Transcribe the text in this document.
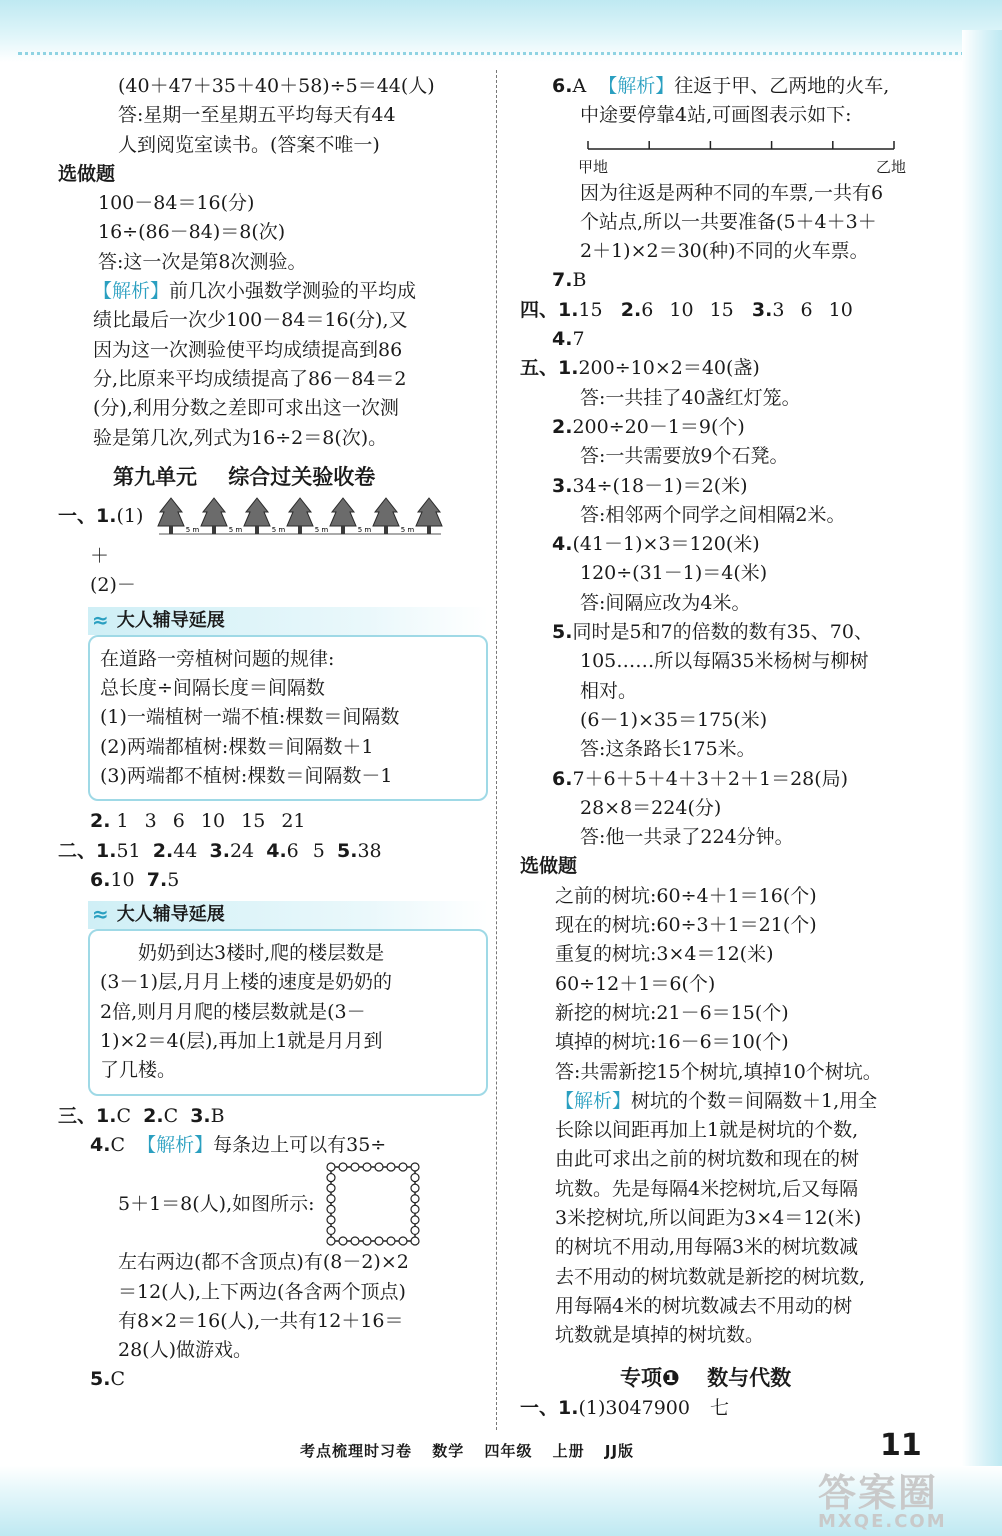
(40＋47＋35＋40＋58)÷5＝44(人)
答:星期一至星期五平均每天有44
人到阅览室读书。(答案不唯一)
选做题
100－84＝16(分)
16÷(86－84)＝8(次)
答:这一次是第8次测验。
【解析】前几次小强数学测验的平均成
绩比最后一次少100－84＝16(分),又
因为这一次测验使平均成绩提高到86
分,比原来平均成绩提高了86－84＝2
(分),利用分数之差即可求出这一次测
验是第几次,列式为16÷2＝8(次)。
第九单元 综合过关验收卷
一、1.(1)
5 m	5 m	5 m	5 m	5 m	5 m
＋
(2)－
≈ 大人辅导延展
在道路一旁植树问题的规律:
总长度÷间隔长度＝间隔数
(1)一端植树一端不植:棵数＝间隔数
(2)两端都植树:棵数＝间隔数＋1
(3)两端都不植树:棵数＝间隔数－1
2. 1 3 6 10 15 21
二、1.51 2.44 3.24 4.6 5 5.38
6.10 7.5
≈ 大人辅导延展
奶奶到达3楼时,爬的楼层数是
(3－1)层,月月上楼的速度是奶奶的
2倍,则月月爬的楼层数就是(3－
1)×2＝4(层),再加上1就是月月到
了几楼。
三、1.C 2.C 3.B
4.C 【解析】每条边上可以有35÷
5＋1＝8(人),如图所示:
左右两边(都不含顶点)有(8－2)×2
＝12(人),上下两边(各含两个顶点)
有8×2＝16(人),一共有12＋16＝
28(人)做游戏。
5.C
6.A 【解析】往返于甲、乙两地的火车,
中途要停靠4站,可画图表示如下:
甲地	乙地
因为往返是两种不同的车票,一共有6
个站点,所以一共要准备(5＋4＋3＋
2＋1)×2＝30(种)不同的火车票。
7.B
四、1.15 2.6 10 15 3.3 6 10
4.7
五、1.200÷10×2＝40(盏)
答:一共挂了40盏红灯笼。
2.200÷20－1＝9(个)
答:一共需要放9个石凳。
3.34÷(18－1)＝2(米)
答:相邻两个同学之间相隔2米。
4.(41－1)×3＝120(米)
120÷(31－1)＝4(米)
答:间隔应改为4米。
5.同时是5和7的倍数的数有35、70、
105……所以每隔35米杨树与柳树
相对。
(6－1)×35＝175(米)
答:这条路长175米。
6.7＋6＋5＋4＋3＋2＋1＝28(局)
28×8＝224(分)
答:他一共录了224分钟。
选做题
之前的树坑:60÷4＋1＝16(个)
现在的树坑:60÷3＋1＝21(个)
重复的树坑:3×4＝12(米)
60÷12＋1＝6(个)
新挖的树坑:21－6＝15(个)
填掉的树坑:16－6＝10(个)
答:共需新挖15个树坑,填掉10个树坑。
【解析】树坑的个数＝间隔数＋1,用全
长除以间距再加上1就是树坑的个数,
由此可求出之前的树坑数和现在的树
坑数。先是每隔4米挖树坑,后又每隔
3米挖树坑,所以间距为3×4＝12(米)
的树坑不用动,用每隔3米的树坑数减
去不用动的树坑数就是新挖的树坑数,
用每隔4米的树坑数减去不用动的树
坑数就是填掉的树坑数。
专项❶ 数与代数
一、1.(1)3047900 七
考点梳理时习卷 数学 四年级 上册 JJ版	11
答案圈
MXQE.COM
